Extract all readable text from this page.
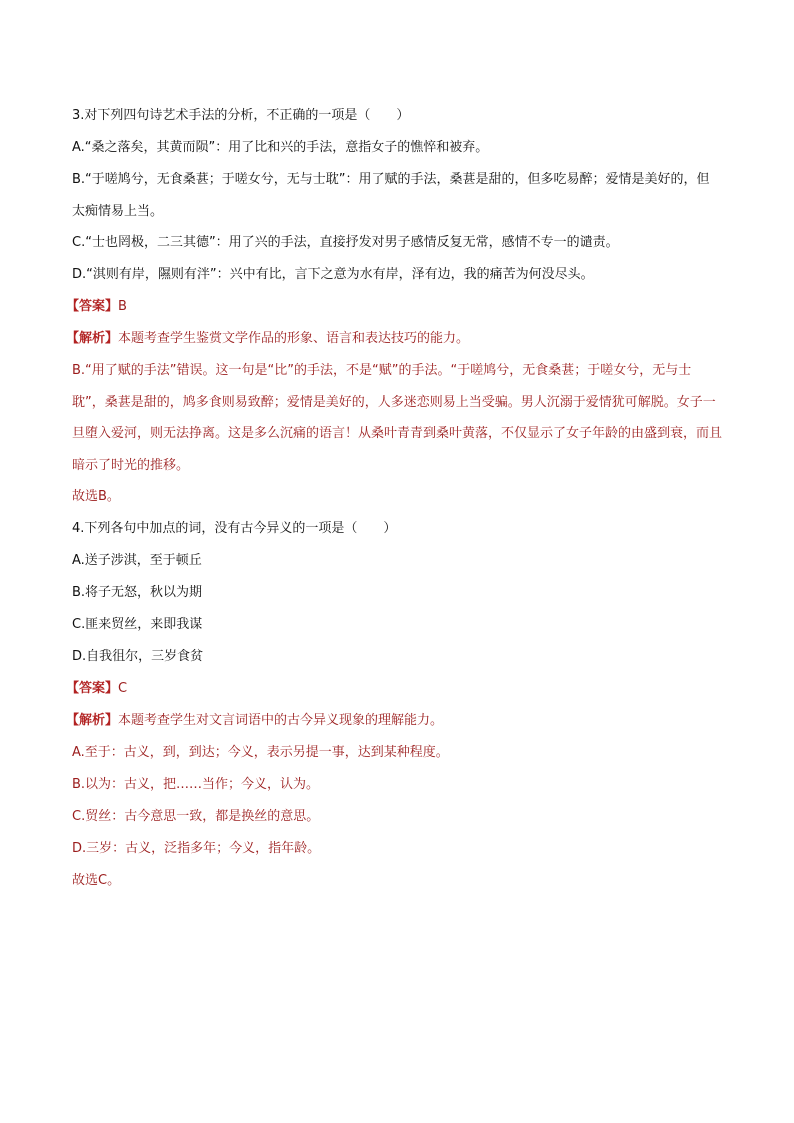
3.对下列四句诗艺术手法的分析，不正确的一项是（　　）
A.“桑之落矣，其黄而陨”：用了比和兴的手法，意指女子的憔悴和被弃。
B.“于嗟鸠兮，无食桑葚；于嗟女兮，无与士耽”：用了赋的手法，桑葚是甜的，但多吃易醉；爱情是美好的，但太痴情易上当。
C.“士也罔极，二三其德”：用了兴的手法，直接抒发对男子感情反复无常，感情不专一的谴责。
D.“淇则有岸，隰则有泮”：兴中有比，言下之意为水有岸，泽有边，我的痛苦为何没尽头。
【答案】B
【解析】本题考查学生鉴赏文学作品的形象、语言和表达技巧的能力。
B.“用了赋的手法”错误。这一句是“比”的手法，不是“赋”的手法。“于嗟鸠兮，无食桑葚；于嗟女兮，无与士耽”，桑葚是甜的，鸠多食则易致醉；爱情是美好的，人多迷恋则易上当受骗。男人沉溺于爱情犹可解脱。女子一旦堕入爱河，则无法挣离。这是多么沉痛的语言！从桑叶青青到桑叶黄落，不仅显示了女子年龄的由盛到衰，而且暗示了时光的推移。
故选B。
4.下列各句中加点的词，没有古今异义的一项是（　　）
A.送子涉淇，至于顿丘
B.将子无怒，秋以为期
C.匪来贸丝，来即我谋
D.自我徂尔，三岁食贫
【答案】C
【解析】本题考查学生对文言词语中的古今异义现象的理解能力。
A.至于：古义，到，到达；今义，表示另提一事，达到某种程度。
B.以为：古义，把……当作；今义，认为。
C.贸丝：古今意思一致，都是换丝的意思。
D.三岁：古义，泛指多年；今义，指年龄。
故选C。
